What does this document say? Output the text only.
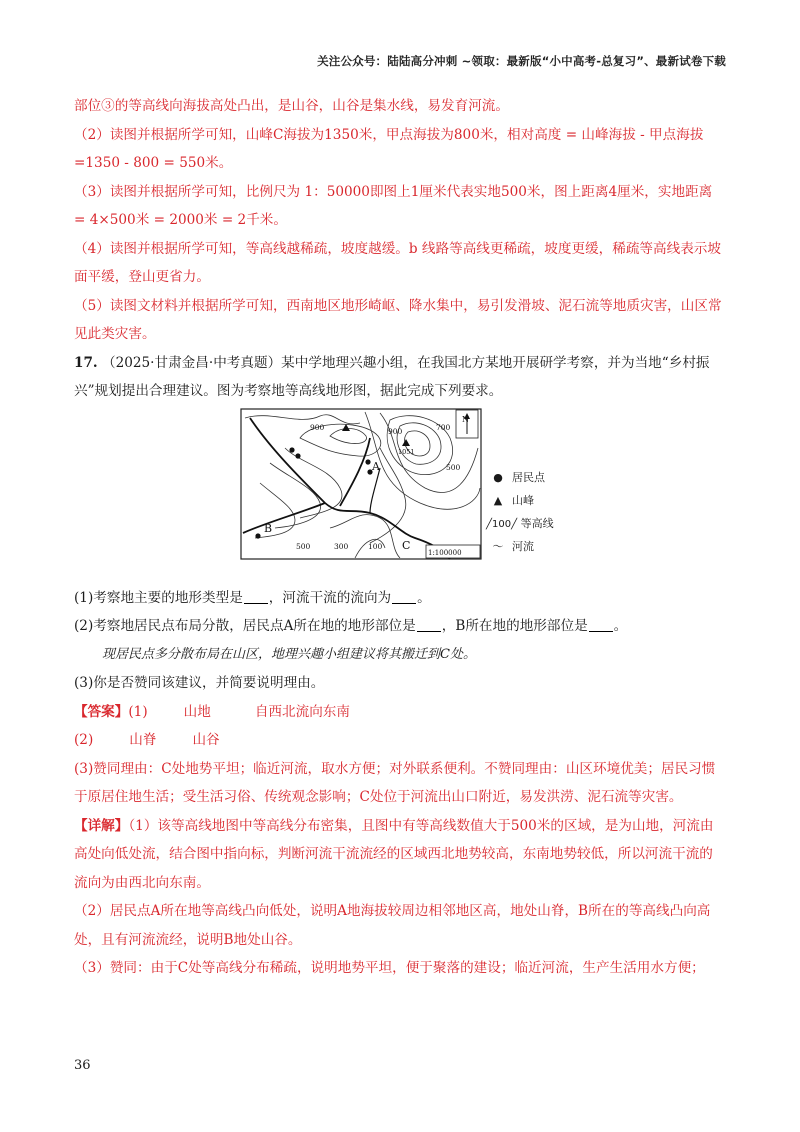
关注公众号：陆陆高分冲刺 ~领取：最新版“小中高考-总复习”、最新试卷下载

部位③的等高线向海拔高处凸出，是山谷，山谷是集水线，易发育河流。

（2）读图并根据所学可知，山峰C海拔为1350米，甲点海拔为800米，相对高度 = 山峰海拔 - 甲点海拔 =1350 - 800 = 550米。

（3）读图并根据所学可知，比例尺为 1：50000即图上1厘米代表实地500米，图上距离4厘米，实地距离 = 4×500米 = 2000米 = 2千米。

（4）读图并根据所学可知，等高线越稀疏，坡度越缓。b 线路等高线更稀疏，坡度更缓，稀疏等高线表示坡面平缓，登山更省力。

（5）读图文材料并根据所学可知，西南地区地形崎岖、降水集中，易引发滑坡、泥石流等地质灾害，山区常见此类灾害。

17. （2025·甘肃金昌·中考真题）某中学地理兴趣小组，在我国北方某地开展研学考察，并为当地“乡村振兴”规划提出合理建议。图为考察地等高线地形图，据此完成下列要求。

900	900	700
500
1051
500	300	100
1:100000
A
B
C
N
● 居民点
▲ 山峰
╱100╱ 等高线
〜 河流

(1)考察地主要的地形类型是 ，河流干流的流向为 。

(2)考察地居民点布局分散，居民点A所在地的地形部位是 ，B所在地的地形部位是 。

现居民点多分散布局在山区，地理兴趣小组建议将其搬迁到C处。

(3)你是否赞同该建议，并简要说明理由。

【答案】(1)	山地	自西北流向东南

(2)	山脊	山谷

(3)赞同理由：C处地势平坦；临近河流，取水方便；对外联系便利。不赞同理由：山区环境优美；居民习惯于原居住地生活；受生活习俗、传统观念影响；C处位于河流出山口附近，易发洪涝、泥石流等灾害。

【详解】（1）该等高线地图中等高线分布密集，且图中有等高线数值大于500米的区域，是为山地，河流由高处向低处流，结合图中指向标，判断河流干流流经的区域西北地势较高，东南地势较低，所以河流干流的流向为由西北向东南。

（2）居民点A所在地等高线凸向低处，说明A地海拔较周边相邻地区高，地处山脊，B所在的等高线凸向高处，且有河流流经，说明B地处山谷。

（3）赞同：由于C处等高线分布稀疏，说明地势平坦，便于聚落的建设；临近河流，生产生活用水方便；

36
